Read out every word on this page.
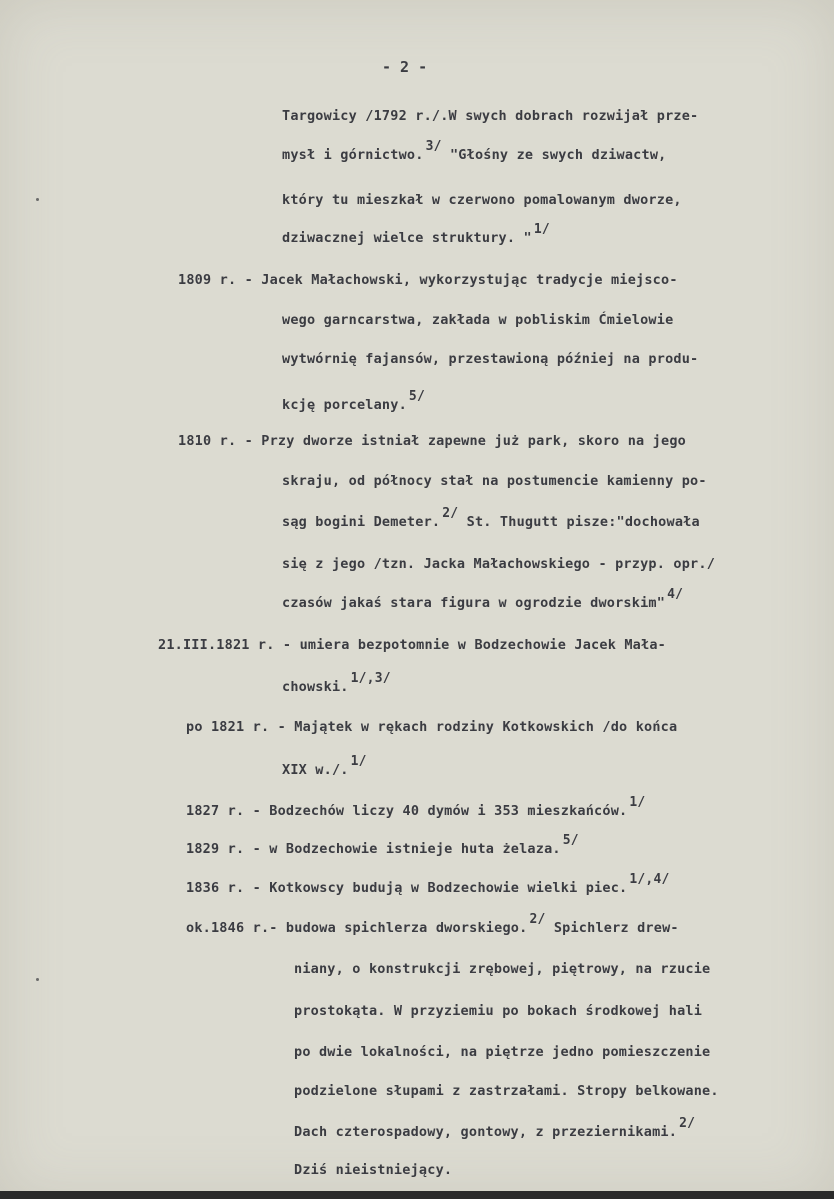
- 2 -

Targowicy /1792 r./.W swych dobrach rozwijał prze-

mysł i górnictwo.3/ "Głośny ze swych dziwactw,

który tu mieszkał w czerwono pomalowanym dworze,

dziwacznej wielce struktury. "1/

1809 r. - Jacek Małachowski, wykorzystując tradycje miejsco-

wego garncarstwa, zakłada w pobliskim Ćmielowie

wytwórnię fajansów, przestawioną później na produ-

kcję porcelany.5/

1810 r. - Przy dworze istniał zapewne już park, skoro na jego

skraju, od północy stał na postumencie kamienny po-

sąg bogini Demeter.2/ St. Thugutt pisze:"dochowała

się z jego /tzn. Jacka Małachowskiego - przyp. opr./

czasów jakaś stara figura w ogrodzie dworskim"4/

21.III.1821 r. - umiera bezpotomnie w Bodzechowie Jacek Mała-

chowski.1/,3/

po 1821 r. - Majątek w rękach rodziny Kotkowskich /do końca

XIX w./.1/

1827 r. - Bodzechów liczy 40 dymów i 353 mieszkańców.1/

1829 r. - w Bodzechowie istnieje huta żelaza.5/

1836 r. - Kotkowscy budują w Bodzechowie wielki piec.1/,4/

ok.1846 r.- budowa spichlerza dworskiego.2/ Spichlerz drew-

niany, o konstrukcji zrębowej, piętrowy, na rzucie

prostokąta. W przyziemiu po bokach środkowej hali

po dwie lokalności, na piętrze jedno pomieszczenie

podzielone słupami z zastrzałami. Stropy belkowane.

Dach czterospadowy, gontowy, z przeziernikami.2/

Dziś nieistniejący.
